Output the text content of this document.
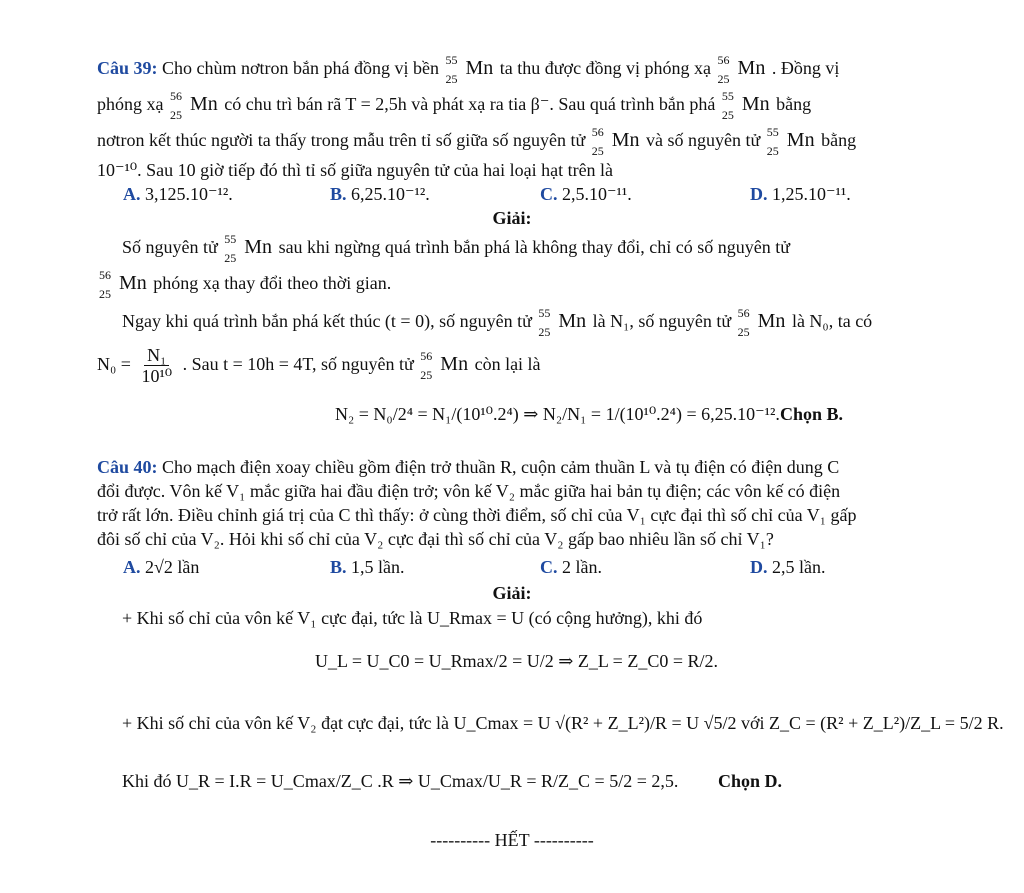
Câu 39: Cho chùm nơtron bắn phá đồng vị bền 55
25 Mn ta thu được đồng vị phóng xạ 56
25 Mn . Đồng vị
phóng xạ 56
25 Mn có chu trì bán rã T = 2,5h và phát xạ ra tia β⁻. Sau quá trình bắn phá 55
25 Mn bằng
nơtron kết thúc người ta thấy trong mẫu trên tỉ số giữa số nguyên tử 56
25 Mn và số nguyên tử 55
25 Mn bằng
10⁻¹⁰. Sau 10 giờ tiếp đó thì tỉ số giữa nguyên tử của hai loại hạt trên là
A. 3,125.10⁻¹².	B. 6,25.10⁻¹².	C. 2,5.10⁻¹¹.	D. 1,25.10⁻¹¹.
Giải:
Số nguyên tử 55
25 Mn sau khi ngừng quá trình bắn phá là không thay đổi, chỉ có số nguyên tử
56
25 Mn phóng xạ thay đổi theo thời gian.
Ngay khi quá trình bắn phá kết thúc (t = 0), số nguyên tử 55
25 Mn là N₁, số nguyên tử 56
25 Mn là N₀, ta có
$N_0 = \frac{\text{N₁}}{\text{10¹⁰}}$ . Sau t = 10h = 4T, số nguyên tử 56
25 Mn còn lại là
N₂ = N₀/2⁴ = N₁/(10¹⁰.2⁴) ⇒ N₂/N₁ = 1/(10¹⁰.2⁴) = 6,25.10⁻¹². Chọn B.
Câu 40: Cho mạch điện xoay chiều gồm điện trở thuần R, cuộn cảm thuần L và tụ điện có điện dung C
đổi được. Vôn kế V₁ mắc giữa hai đầu điện trở; vôn kế V₂ mắc giữa hai bản tụ điện; các vôn kế có điện
trở rất lớn. Điều chỉnh giá trị của C thì thấy: ở cùng thời điểm, số chỉ của V₁ cực đại thì số chỉ của V₁ gấp
đôi số chỉ của V₂. Hỏi khi số chỉ của V₂ cực đại thì số chỉ của V₂ gấp bao nhiêu lần số chỉ V₁?
A. 2√2 lần	B. 1,5 lần.	C. 2 lần.	D. 2,5 lần.
Giải:
+ Khi số chỉ của vôn kế V₁ cực đại, tức là U_Rmax = U (có cộng hưởng), khi đó
U_L = U_C0 = U_Rmax/2 = U/2 ⇒ Z_L = Z_C0 = R/2.
+ Khi số chỉ của vôn kế V₂ đạt cực đại, tức là U_Cmax = U √(R² + Z_L²)/R = U √5/2 với Z_C = (R² + Z_L²)/Z_L = 5/2 R.
Khi đó U_R = I.R = U_Cmax/Z_C .R ⇒ U_Cmax/U_R = R/Z_C = 5/2 = 2,5. Chọn D.
---------- HẾT ----------
